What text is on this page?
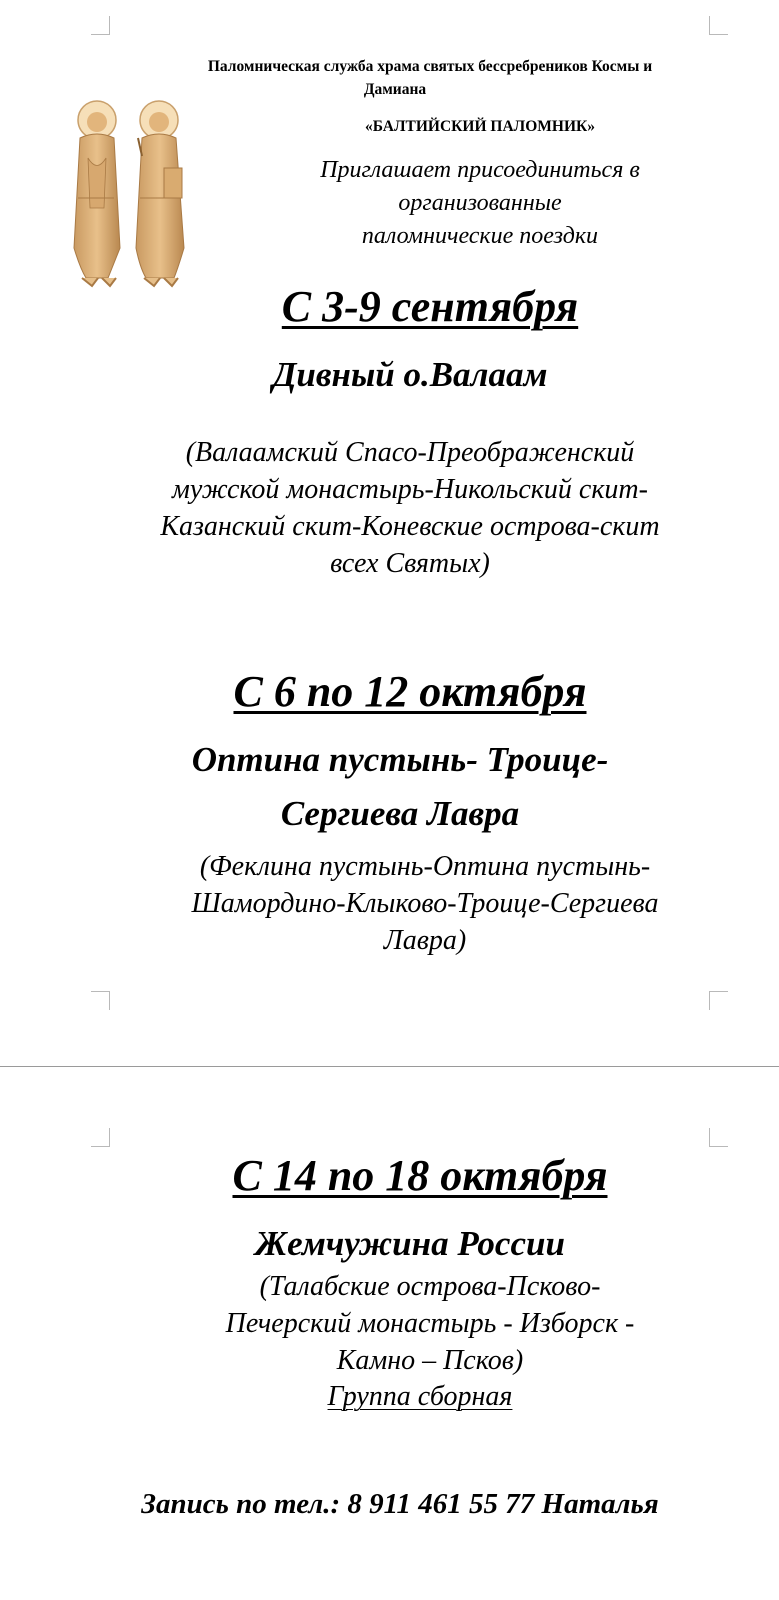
Паломническая служба храма святых бессребреников Космы и
Дамиана
«БАЛТИЙСКИЙ ПАЛОМНИК»
Приглашает присоединиться в
организованные
паломнические поездки
С 3-9 сентября
Дивный о.Валаам
(Валаамский Спасо-Преображенский
мужской монастырь-Никольский скит-
Казанский скит-Коневские острова-скит
всех Святых)
С 6 по 12 октября
Оптина пустынь- Троице-
Сергиева Лавра
(Феклина пустынь-Оптина пустынь-
Шамордино-Клыково-Троице-Сергиева
Лавра)
С 14 по 18 октября
Жемчужина России
(Талабские острова-Псково-
Печерский монастырь - Изборск -
Камно – Псков)
Группа сборная
Запись по тел.: 8 911 461 55 77 Наталья
